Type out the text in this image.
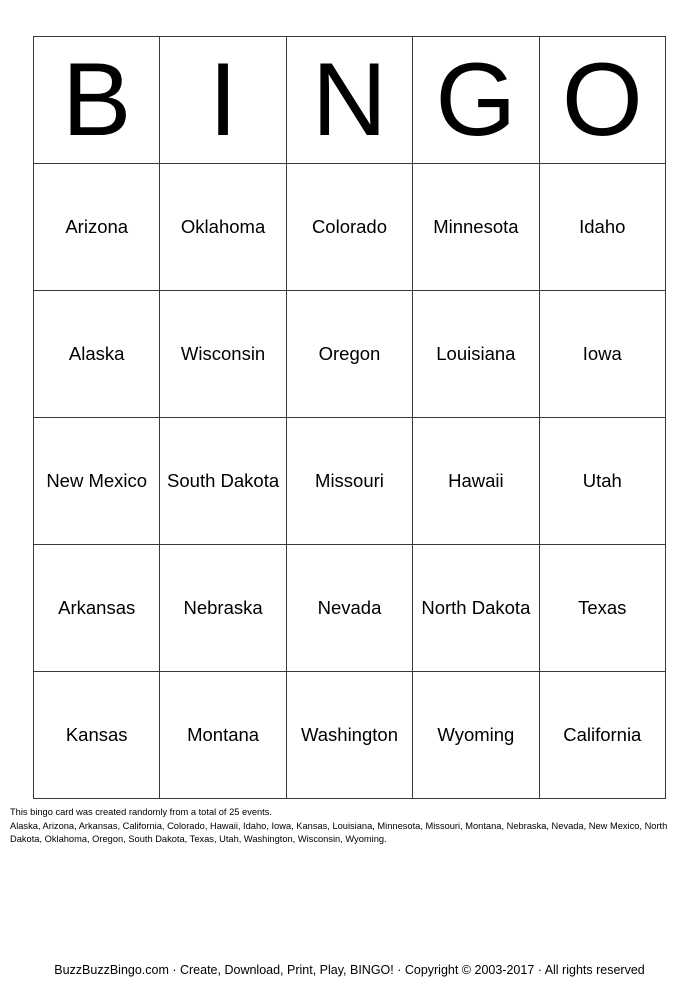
B	I	N	G	O
Arizona	Oklahoma	Colorado	Minnesota	Idaho
Alaska	Wisconsin	Oregon	Louisiana	Iowa
New Mexico	South Dakota	Missouri	Hawaii	Utah
Arkansas	Nebraska	Nevada	North Dakota	Texas
Kansas	Montana	Washington	Wyoming	California
This bingo card was created randomly from a total of 25 events.
Alaska, Arizona, Arkansas, California, Colorado, Hawaii, Idaho, Iowa, Kansas, Louisiana, Minnesota, Missouri, Montana, Nebraska, Nevada, New Mexico, North Dakota, Oklahoma, Oregon, South Dakota, Texas, Utah, Washington, Wisconsin, Wyoming.
BuzzBuzzBingo.com · Create, Download, Print, Play, BINGO! · Copyright © 2003-2017 · All rights reserved
